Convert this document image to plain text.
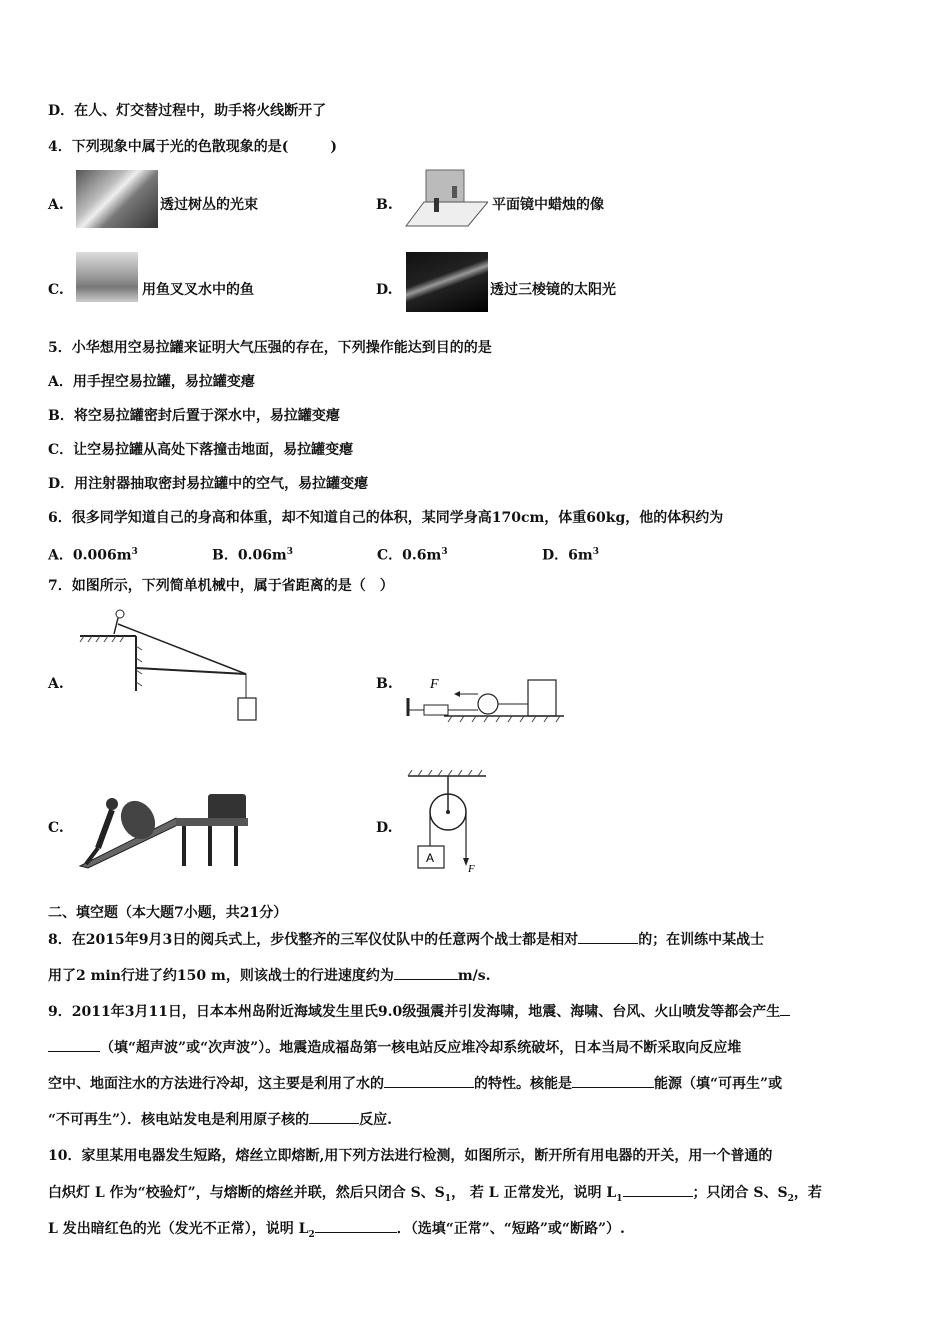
D．在人、灯交替过程中，助手将火线断开了
4．下列现象中属于光的色散现象的是(　　　)
A.	透过树丛的光束	B.	平面镜中蜡烛的像
C.	用鱼叉叉水中的鱼	D.	透过三棱镜的太阳光
5．小华想用空易拉罐来证明大气压强的存在，下列操作能达到目的的是
A．用手捏空易拉罐，易拉罐变瘪
B．将空易拉罐密封后置于深水中，易拉罐变瘪
C．让空易拉罐从高处下落撞击地面，易拉罐变瘪
D．用注射器抽取密封易拉罐中的空气，易拉罐变瘪
6．很多同学知道自己的身高和体重，却不知道自己的体积，某同学身高170cm，体重60kg，他的体积约为
A．$0.006m^3$	B．$0.06m^3$	C．$0.6m^3$	D．$6m^3$
7．如图所示，下列简单机械中，属于省距离的是（　）
A.	B.	F
C.	D.
A
F
二、填空题（本大题7小题，共21分）
8．在2015年9月3日的阅兵式上，步伐整齐的三军仪仗队中的任意两个战士都是相对	的；在训练中某战士
用了2 min行进了约150 m，则该战士的行进速度约为	m/s.
9．2011年3月11日，日本本州岛附近海域发生里氏9.0级强震并引发海啸，地震、海啸、台风、火山喷发等都会产生
（填“超声波”或“次声波”）。地震造成福岛第一核电站反应堆冷却系统破坏，日本当局不断采取向反应堆
空中、地面注水的方法进行冷却，这主要是利用了水的	的特性。核能是	能源（填“可再生”或
“不可再生”）．核电站发电是利用原子核的	反应.
10．家里某用电器发生短路，熔丝立即熔断,用下列方法进行检测，如图所示，断开所有用电器的开关，用一个普通的
白炽灯 L 作为“校验灯”，与熔断的熔丝并联，然后只闭合 S、$S_1$， 若 L 正常发光，说明 $L_1$	；只闭合 S、$S_2$，若
L 发出暗红色的光（发光不正常），说明 $L_2$	．（选填“正常”、“短路”或“断路”）.
